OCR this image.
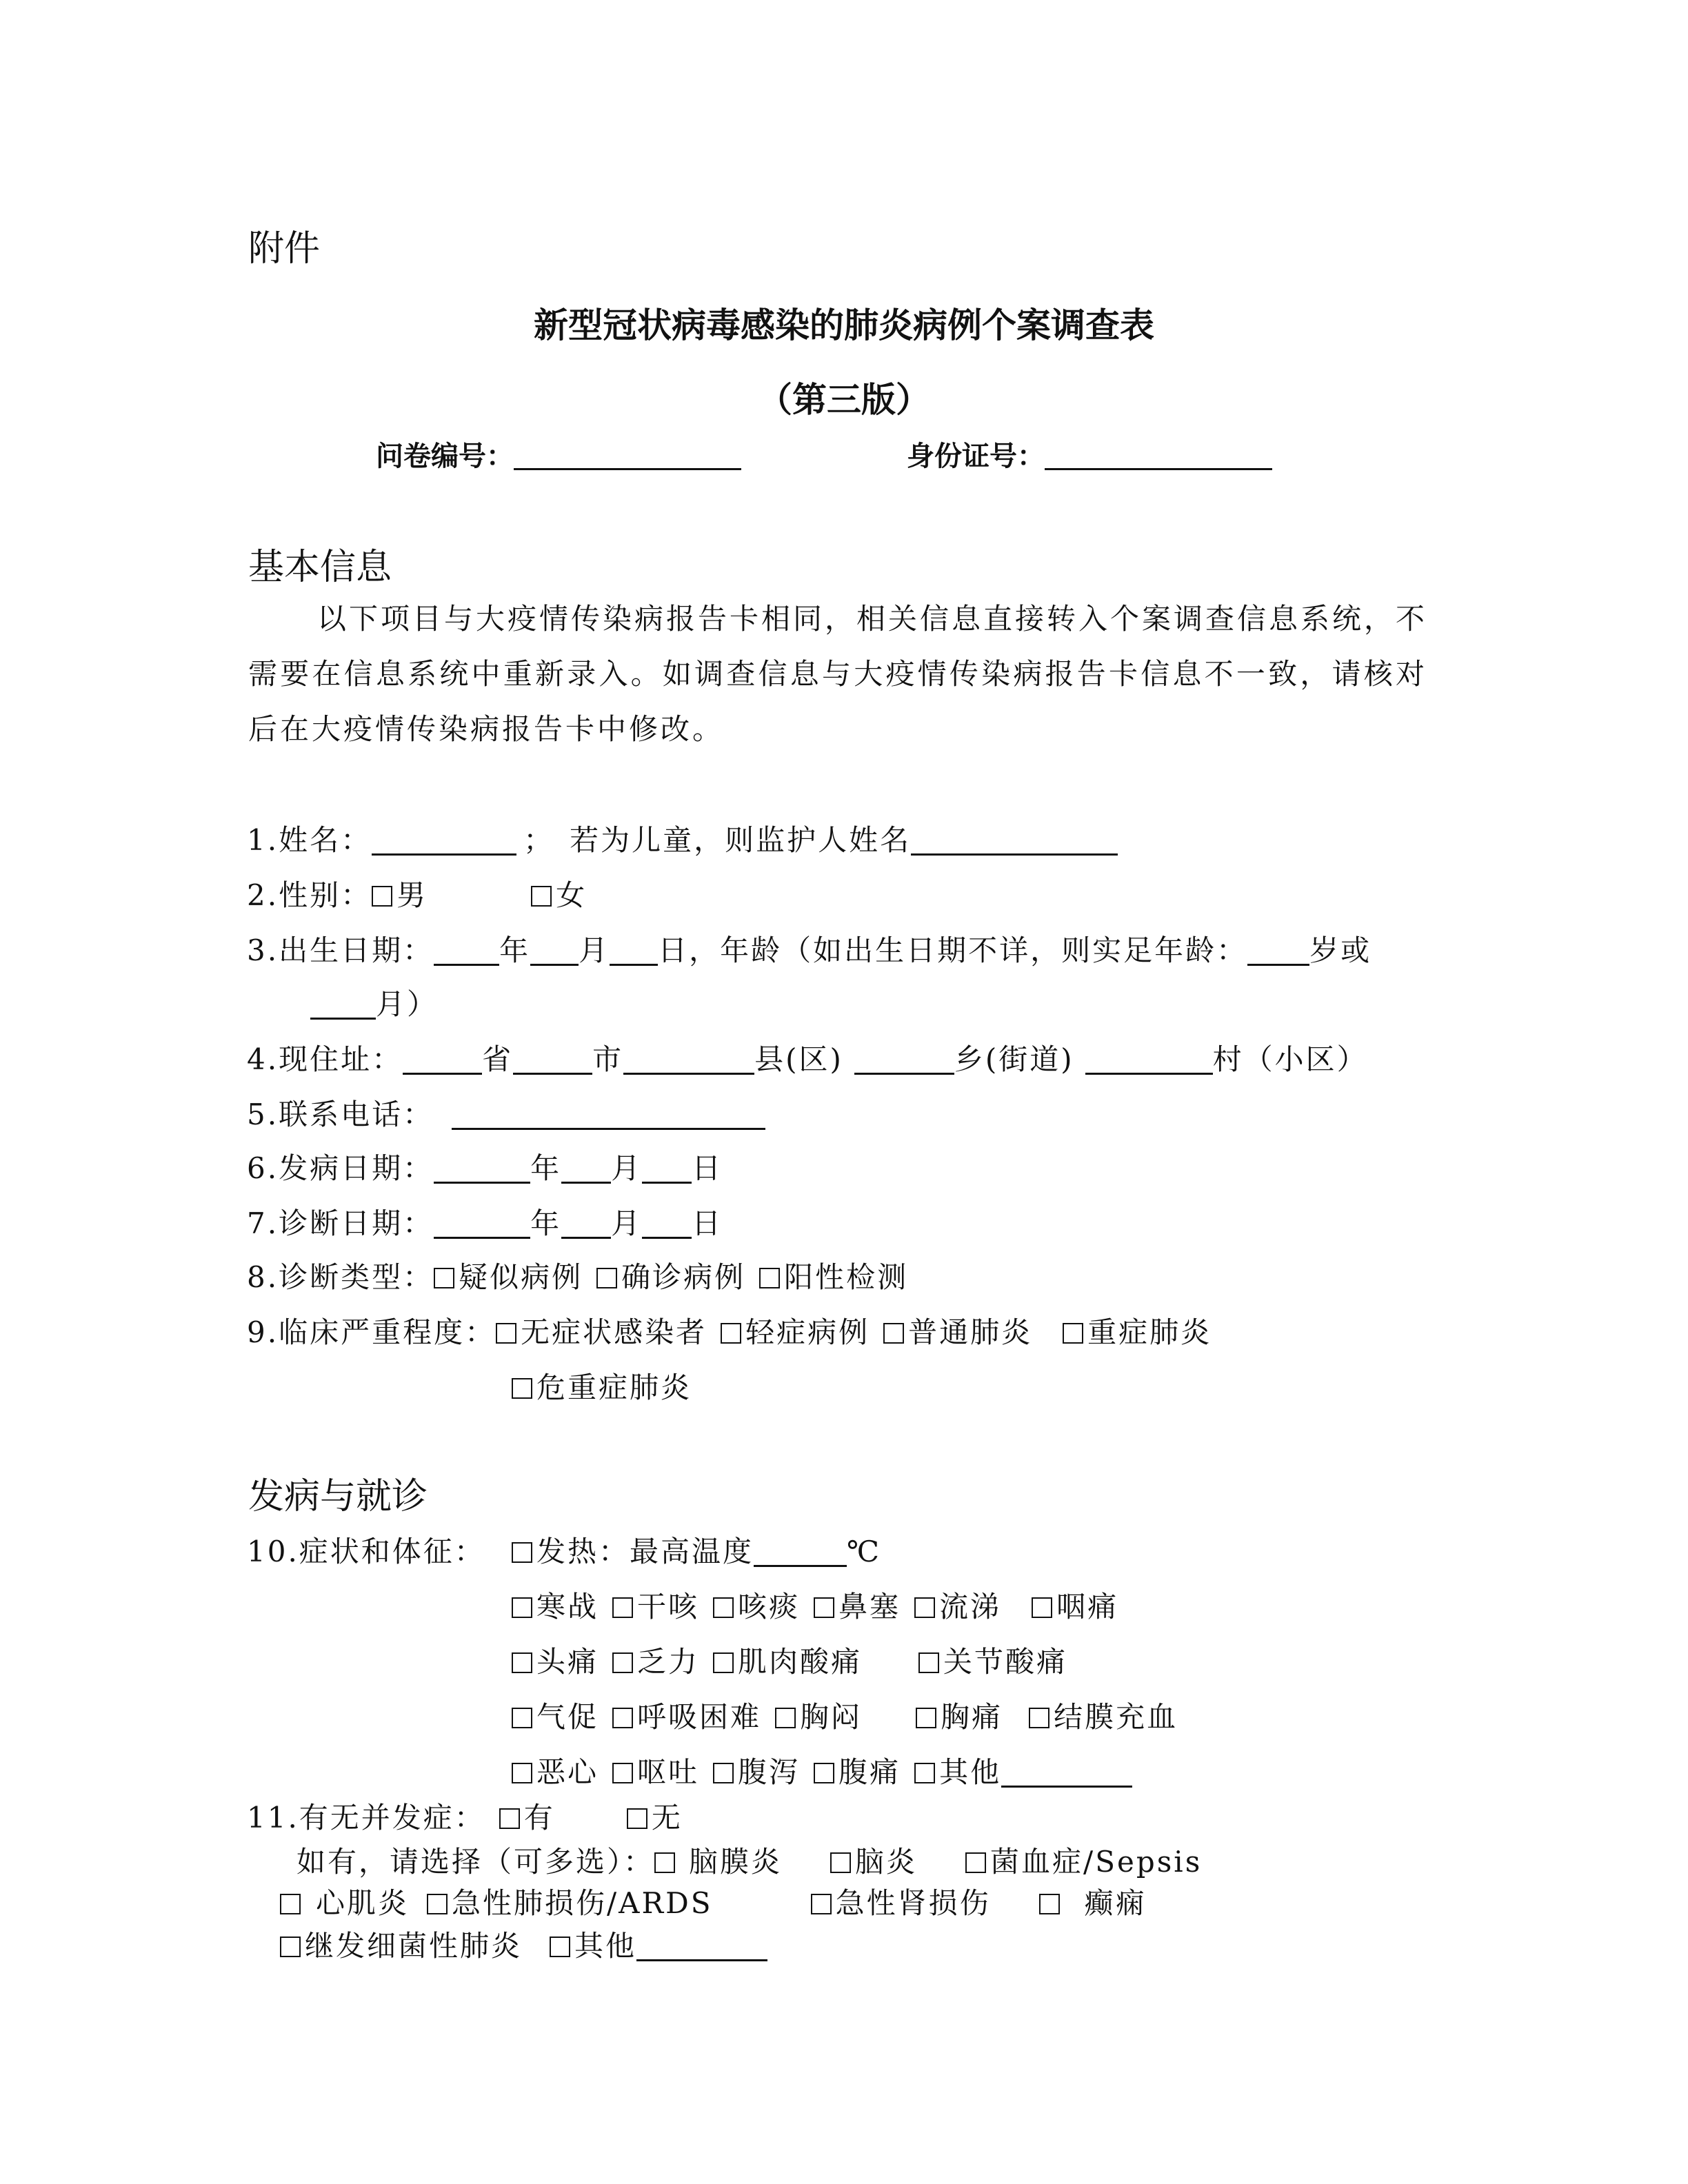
附件
新型冠状病毒感染的肺炎病例个案调查表
（第三版）
问卷编号：	身份证号：
基本信息
以下项目与大疫情传染病报告卡相同，相关信息直接转入个案调查信息系统，不需要在信息系统中重新录入。如调查信息与大疫情传染病报告卡信息不一致，请核对后在大疫情传染病报告卡中修改。
1.姓名：	； 若为儿童，则监护人姓名
2.性别： 男	女
3.出生日期： 年 月 日，年龄（如出生日期不详，则实足年龄： 岁或
月）
4.现住址：	省	市	县(区)	乡(街道)	村（小区）
5.联系电话：
6.发病日期：	年 月 日
7.诊断日期：	年 月 日
8.诊断类型： 疑似病例 确诊病例 阳性检测
9.临床严重程度： 无症状感染者 轻症病例 普通肺炎 重症肺炎
危重症肺炎
发病与就诊
10.症状和体征：	发热：最高温度	℃
寒战 干咳 咳痰 鼻塞 流涕 咽痛
头痛 乏力 肌肉酸痛	关节酸痛
气促 呼吸困难 胸闷	胸痛 结膜充血
恶心 呕吐 腹泻 腹痛 其他
11.有无并发症： 有	无
如有，请选择（可多选）： 脑膜炎	脑炎	菌血症/Sepsis
心肌炎 急性肺损伤/ARDS	急性肾损伤	癫痫
继发细菌性肺炎 其他
